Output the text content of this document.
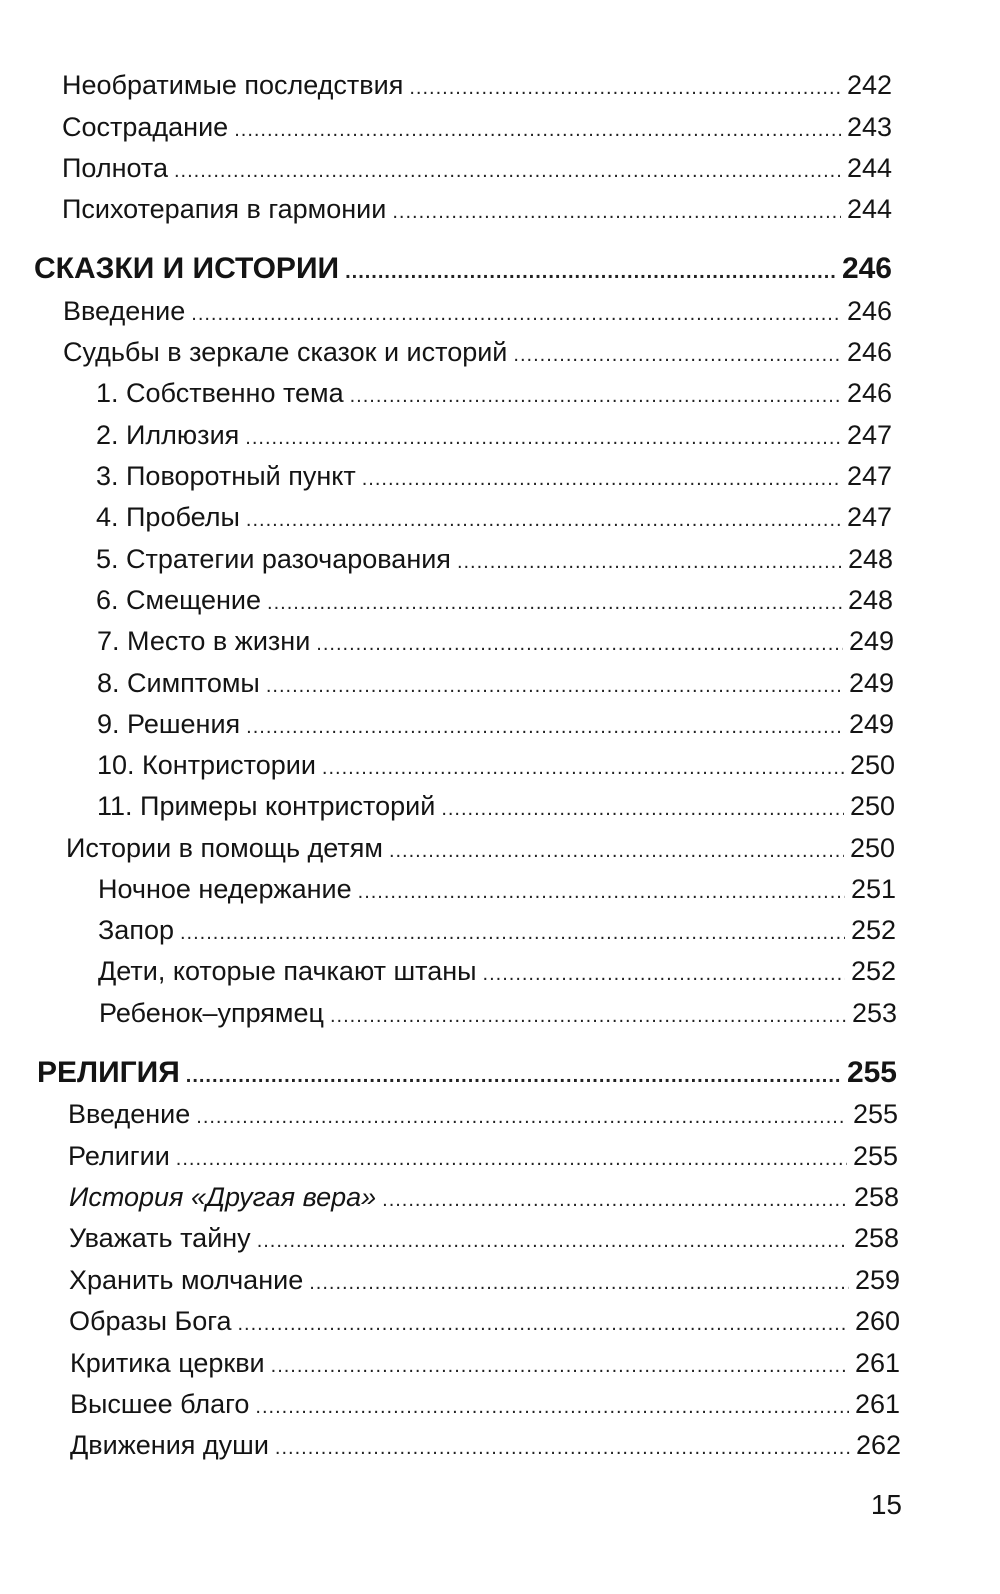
Необратимые последствия .....	242
Сострадание .....	243
Полнота .....	244
Психотерапия в гармонии .....	244
СКАЗКИ И ИСТОРИИ .....	246
Введение .....	246
Судьбы в зеркале сказок и историй .....	246
1. Собственно тема .....	246
2. Иллюзия .....	247
3. Поворотный пункт .....	247
4. Пробелы .....	247
5. Стратегии разочарования .....	248
6. Смещение .....	248
7. Место в жизни .....	249
8. Симптомы .....	249
9. Решения .....	249
10. Контристории .....	250
11. Примеры контристорий .....	250
Истории в помощь детям .....	250
Ночное недержание .....	251
Запор .....	252
Дети, которые пачкают штаны .....	252
Ребенок–упрямец .....	253
РЕЛИГИЯ .....	255
Введение .....	255
Религии .....	255
История «Другая вера» .....	258
Уважать тайну .....	258
Хранить молчание .....	259
Образы Бога .....	260
Критика церкви .....	261
Высшее благо .....	261
Движения души .....	262
15
